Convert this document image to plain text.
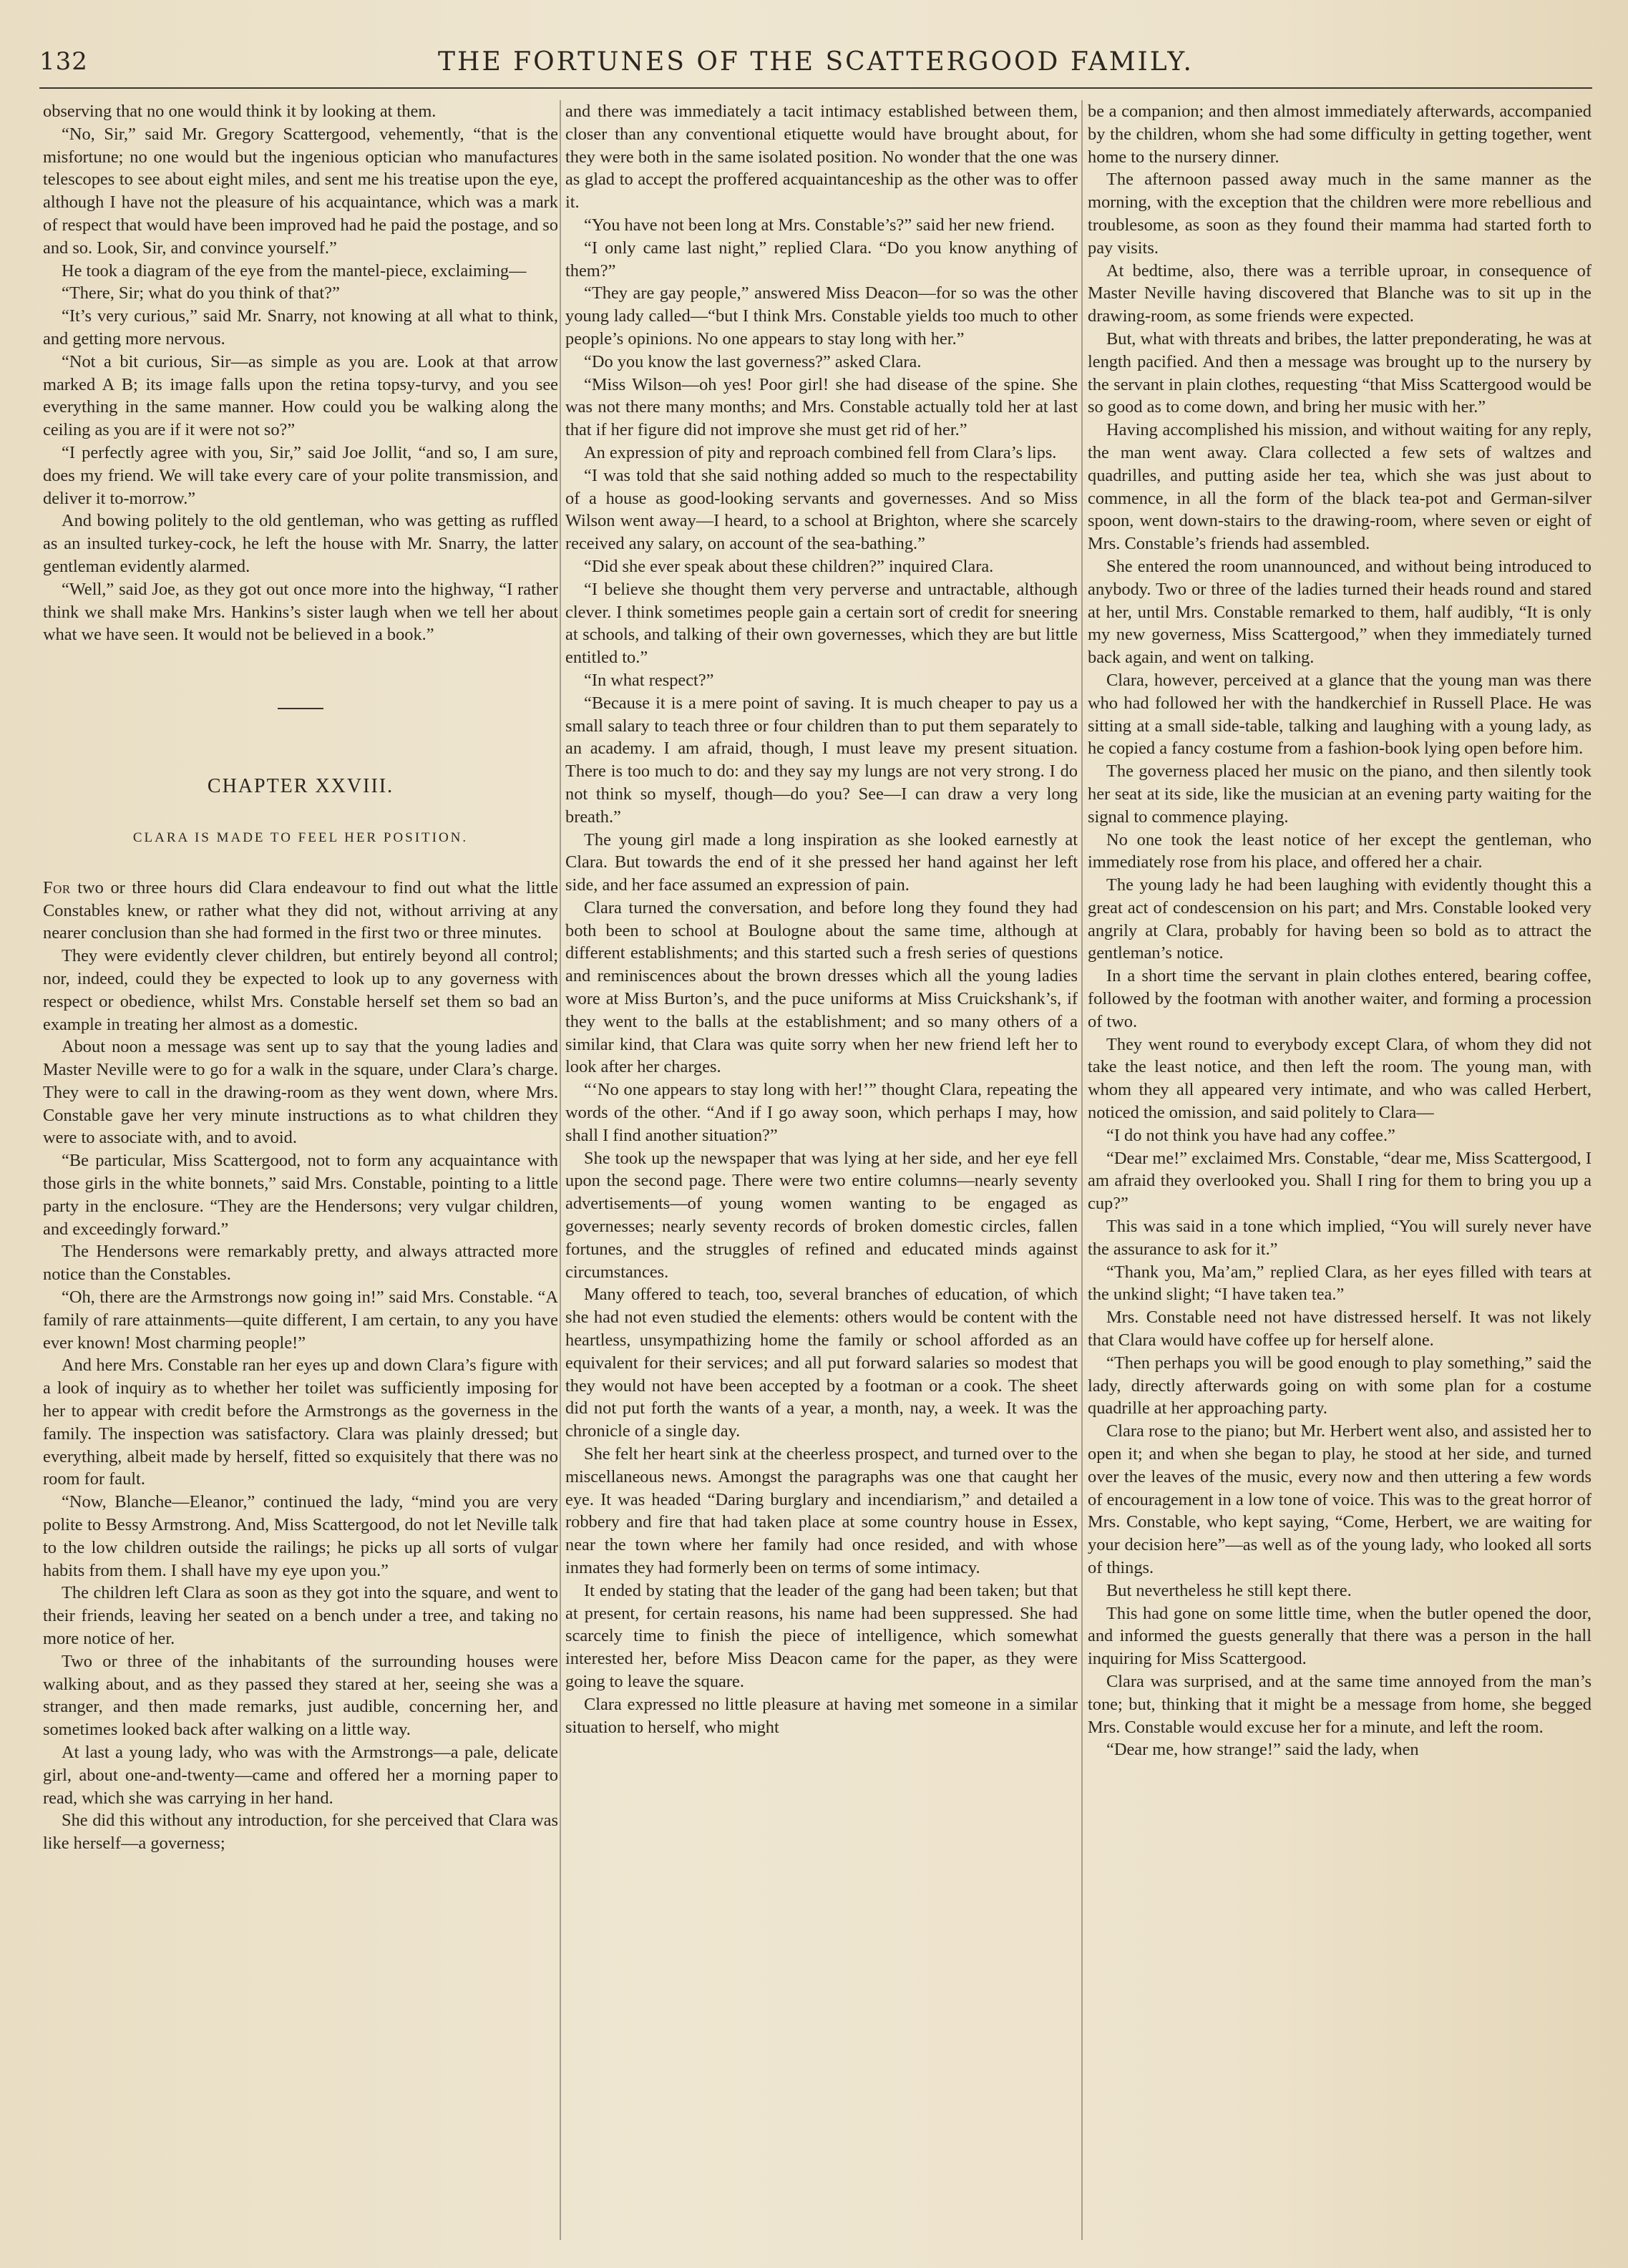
132	THE FORTUNES OF THE SCATTERGOOD FAMILY.

observing that no one would think it by looking at them.

“No, Sir,” said Mr. Gregory Scattergood, vehemently, “that is the misfortune; no one would but the ingenious optician who manufactures telescopes to see about eight miles, and sent me his treatise upon the eye, although I have not the pleasure of his acquaintance, which was a mark of respect that would have been improved had he paid the postage, and so and so. Look, Sir, and convince yourself.”

He took a diagram of the eye from the mantel-piece, exclaiming—

“There, Sir; what do you think of that?”

“It’s very curious,” said Mr. Snarry, not knowing at all what to think, and getting more nervous.

“Not a bit curious, Sir—as simple as you are. Look at that arrow marked A B; its image falls upon the retina topsy-turvy, and you see everything in the same manner. How could you be walking along the ceiling as you are if it were not so?”

“I perfectly agree with you, Sir,” said Joe Jollit, “and so, I am sure, does my friend. We will take every care of your polite transmission, and deliver it to-morrow.”

And bowing politely to the old gentleman, who was getting as ruffled as an insulted turkey-cock, he left the house with Mr. Snarry, the latter gentleman evidently alarmed.

“Well,” said Joe, as they got out once more into the highway, “I rather think we shall make Mrs. Hankins’s sister laugh when we tell her about what we have seen. It would not be believed in a book.”

CHAPTER XXVIII.

CLARA IS MADE TO FEEL HER POSITION.

For two or three hours did Clara endeavour to find out what the little Constables knew, or rather what they did not, without arriving at any nearer conclusion than she had formed in the first two or three minutes.

They were evidently clever children, but entirely beyond all control; nor, indeed, could they be expected to look up to any governess with respect or obedience, whilst Mrs. Constable herself set them so bad an example in treating her almost as a domestic.

About noon a message was sent up to say that the young ladies and Master Neville were to go for a walk in the square, under Clara’s charge. They were to call in the drawing-room as they went down, where Mrs. Constable gave her very minute instructions as to what children they were to associate with, and to avoid.

“Be particular, Miss Scattergood, not to form any acquaintance with those girls in the white bonnets,” said Mrs. Constable, pointing to a little party in the enclosure. “They are the Hendersons; very vulgar children, and exceedingly forward.”

The Hendersons were remarkably pretty, and always attracted more notice than the Constables.

“Oh, there are the Armstrongs now going in!” said Mrs. Constable. “A family of rare attainments—quite different, I am certain, to any you have ever known! Most charming people!”

And here Mrs. Constable ran her eyes up and down Clara’s figure with a look of inquiry as to whether her toilet was sufficiently imposing for her to appear with credit before the Armstrongs as the governess in the family. The inspection was satisfactory. Clara was plainly dressed; but everything, albeit made by herself, fitted so exquisitely that there was no room for fault.

“Now, Blanche—Eleanor,” continued the lady, “mind you are very polite to Bessy Armstrong. And, Miss Scattergood, do not let Neville talk to the low children outside the railings; he picks up all sorts of vulgar habits from them. I shall have my eye upon you.”

The children left Clara as soon as they got into the square, and went to their friends, leaving her seated on a bench under a tree, and taking no more notice of her.

Two or three of the inhabitants of the surrounding houses were walking about, and as they passed they stared at her, seeing she was a stranger, and then made remarks, just audible, concerning her, and sometimes looked back after walking on a little way.

At last a young lady, who was with the Armstrongs—a pale, delicate girl, about one-and-twenty—came and offered her a morning paper to read, which she was carrying in her hand.

She did this without any introduction, for she perceived that Clara was like herself—a governess;

and there was immediately a tacit intimacy established between them, closer than any conventional etiquette would have brought about, for they were both in the same isolated position. No wonder that the one was as glad to accept the proffered acquaintanceship as the other was to offer it.

“You have not been long at Mrs. Constable’s?” said her new friend.

“I only came last night,” replied Clara. “Do you know anything of them?”

“They are gay people,” answered Miss Deacon—for so was the other young lady called—“but I think Mrs. Constable yields too much to other people’s opinions. No one appears to stay long with her.”

“Do you know the last governess?” asked Clara.

“Miss Wilson—oh yes! Poor girl! she had disease of the spine. She was not there many months; and Mrs. Constable actually told her at last that if her figure did not improve she must get rid of her.”

An expression of pity and reproach combined fell from Clara’s lips.

“I was told that she said nothing added so much to the respectability of a house as good-looking servants and governesses. And so Miss Wilson went away—I heard, to a school at Brighton, where she scarcely received any salary, on account of the sea-bathing.”

“Did she ever speak about these children?” inquired Clara.

“I believe she thought them very perverse and untractable, although clever. I think sometimes people gain a certain sort of credit for sneering at schools, and talking of their own governesses, which they are but little entitled to.”

“In what respect?”

“Because it is a mere point of saving. It is much cheaper to pay us a small salary to teach three or four children than to put them separately to an academy. I am afraid, though, I must leave my present situation. There is too much to do: and they say my lungs are not very strong. I do not think so myself, though—do you? See—I can draw a very long breath.”

The young girl made a long inspiration as she looked earnestly at Clara. But towards the end of it she pressed her hand against her left side, and her face assumed an expression of pain.

Clara turned the conversation, and before long they found they had both been to school at Boulogne about the same time, although at different establishments; and this started such a fresh series of questions and reminiscences about the brown dresses which all the young ladies wore at Miss Burton’s, and the puce uniforms at Miss Cruickshank’s, if they went to the balls at the establishment; and so many others of a similar kind, that Clara was quite sorry when her new friend left her to look after her charges.

“‘No one appears to stay long with her!’” thought Clara, repeating the words of the other. “And if I go away soon, which perhaps I may, how shall I find another situation?”

She took up the newspaper that was lying at her side, and her eye fell upon the second page. There were two entire columns—nearly seventy advertisements—of young women wanting to be engaged as governesses; nearly seventy records of broken domestic circles, fallen fortunes, and the struggles of refined and educated minds against circumstances.

Many offered to teach, too, several branches of education, of which she had not even studied the elements: others would be content with the heartless, unsympathizing home the family or school afforded as an equivalent for their services; and all put forward salaries so modest that they would not have been accepted by a footman or a cook. The sheet did not put forth the wants of a year, a month, nay, a week. It was the chronicle of a single day.

She felt her heart sink at the cheerless prospect, and turned over to the miscellaneous news. Amongst the paragraphs was one that caught her eye. It was headed “Daring burglary and incendiarism,” and detailed a robbery and fire that had taken place at some country house in Essex, near the town where her family had once resided, and with whose inmates they had formerly been on terms of some intimacy.

It ended by stating that the leader of the gang had been taken; but that at present, for certain reasons, his name had been suppressed. She had scarcely time to finish the piece of intelligence, which somewhat interested her, before Miss Deacon came for the paper, as they were going to leave the square.

Clara expressed no little pleasure at having met someone in a similar situation to herself, who might

be a companion; and then almost immediately afterwards, accompanied by the children, whom she had some difficulty in getting together, went home to the nursery dinner.

The afternoon passed away much in the same manner as the morning, with the exception that the children were more rebellious and troublesome, as soon as they found their mamma had started forth to pay visits.

At bedtime, also, there was a terrible uproar, in consequence of Master Neville having discovered that Blanche was to sit up in the drawing-room, as some friends were expected.

But, what with threats and bribes, the latter preponderating, he was at length pacified. And then a message was brought up to the nursery by the servant in plain clothes, requesting “that Miss Scattergood would be so good as to come down, and bring her music with her.”

Having accomplished his mission, and without waiting for any reply, the man went away. Clara collected a few sets of waltzes and quadrilles, and putting aside her tea, which she was just about to commence, in all the form of the black tea-pot and German-silver spoon, went down-stairs to the drawing-room, where seven or eight of Mrs. Constable’s friends had assembled.

She entered the room unannounced, and without being introduced to anybody. Two or three of the ladies turned their heads round and stared at her, until Mrs. Constable remarked to them, half audibly, “It is only my new governess, Miss Scattergood,” when they immediately turned back again, and went on talking.

Clara, however, perceived at a glance that the young man was there who had followed her with the handkerchief in Russell Place. He was sitting at a small side-table, talking and laughing with a young lady, as he copied a fancy costume from a fashion-book lying open before him.

The governess placed her music on the piano, and then silently took her seat at its side, like the musician at an evening party waiting for the signal to commence playing.

No one took the least notice of her except the gentleman, who immediately rose from his place, and offered her a chair.

The young lady he had been laughing with evidently thought this a great act of condescension on his part; and Mrs. Constable looked very angrily at Clara, probably for having been so bold as to attract the gentleman’s notice.

In a short time the servant in plain clothes entered, bearing coffee, followed by the footman with another waiter, and forming a procession of two.

They went round to everybody except Clara, of whom they did not take the least notice, and then left the room. The young man, with whom they all appeared very intimate, and who was called Herbert, noticed the omission, and said politely to Clara—

“I do not think you have had any coffee.”

“Dear me!” exclaimed Mrs. Constable, “dear me, Miss Scattergood, I am afraid they overlooked you. Shall I ring for them to bring you up a cup?”

This was said in a tone which implied, “You will surely never have the assurance to ask for it.”

“Thank you, Ma’am,” replied Clara, as her eyes filled with tears at the unkind slight; “I have taken tea.”

Mrs. Constable need not have distressed herself. It was not likely that Clara would have coffee up for herself alone.

“Then perhaps you will be good enough to play something,” said the lady, directly afterwards going on with some plan for a costume quadrille at her approaching party.

Clara rose to the piano; but Mr. Herbert went also, and assisted her to open it; and when she began to play, he stood at her side, and turned over the leaves of the music, every now and then uttering a few words of encouragement in a low tone of voice. This was to the great horror of Mrs. Constable, who kept saying, “Come, Herbert, we are waiting for your decision here”—as well as of the young lady, who looked all sorts of things.

But nevertheless he still kept there.

This had gone on some little time, when the butler opened the door, and informed the guests generally that there was a person in the hall inquiring for Miss Scattergood.

Clara was surprised, and at the same time annoyed from the man’s tone; but, thinking that it might be a message from home, she begged Mrs. Constable would excuse her for a minute, and left the room.

“Dear me, how strange!” said the lady, when
